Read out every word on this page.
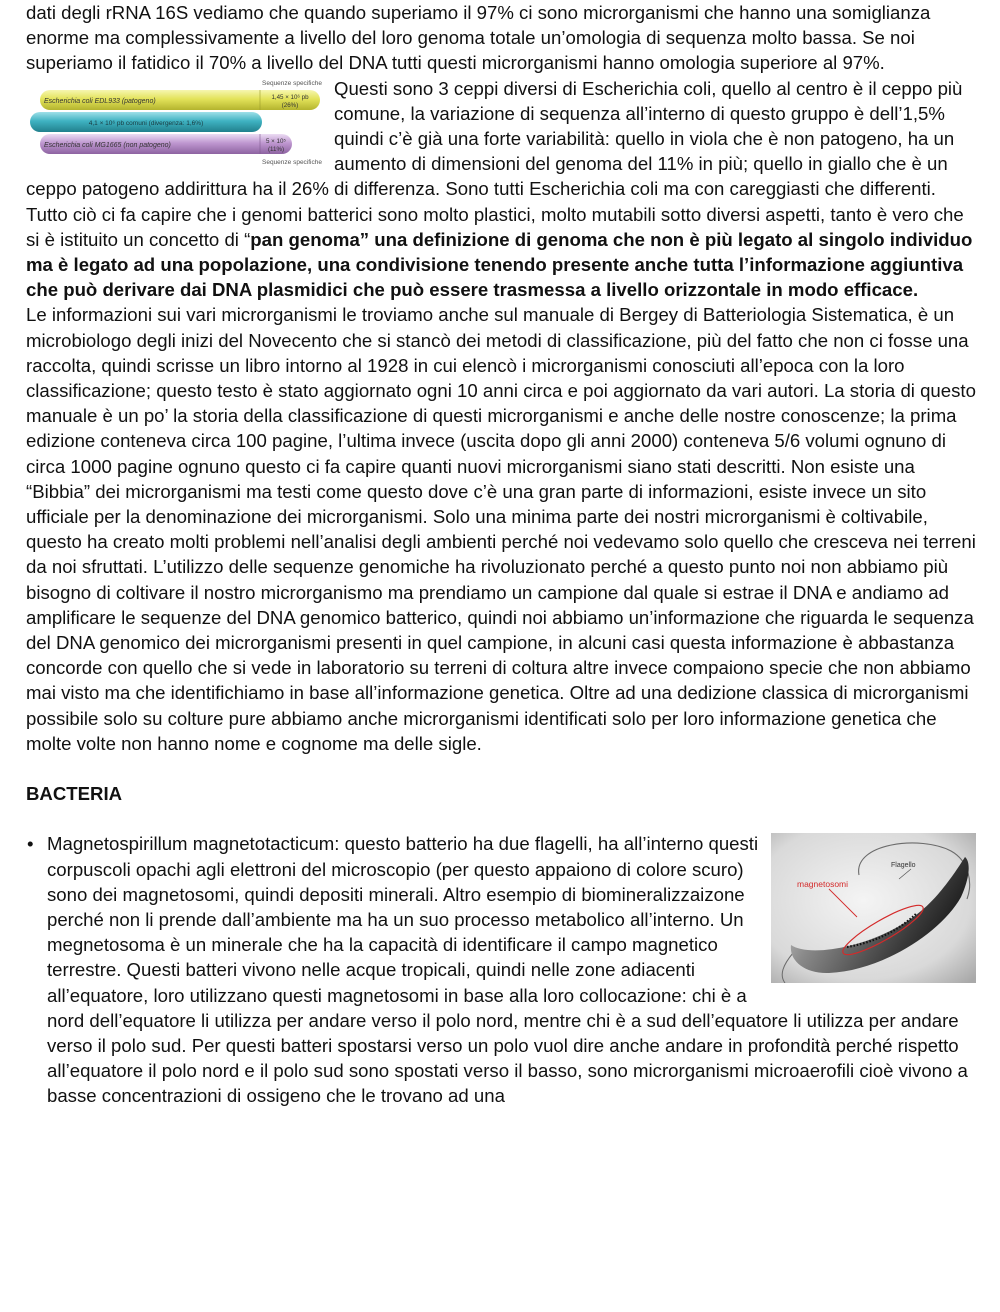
dati degli rRNA 16S vediamo che quando superiamo il 97% ci sono microrganismi che hanno una somiglianza enorme ma complessivamente a livello del loro genoma totale un’omologia di sequenza molto bassa. Se noi superiamo il fatidico il 70% a livello del DNA tutti questi microrganismi hanno omologia superiore al 97%.

Sequenze specifiche
Escherichia coli EDL933 (patogeno)
1,45 × 10⁶ pb
(26%)
4,1 × 10⁶ pb comuni (divergenza: 1,6%)
Escherichia coli MG1665 (non patogeno)
5 × 10⁵
(11%)
Sequenze specifiche

Questi sono 3 ceppi diversi di Escherichia coli, quello al centro è il ceppo più comune, la variazione di sequenza all’interno di questo gruppo è dell’1,5% quindi c’è già una forte variabilità: quello in viola che è non patogeno, ha un aumento di dimensioni del genoma del 11% in più; quello in giallo che è un ceppo patogeno addirittura ha il 26% di differenza. Sono tutti Escherichia coli ma con careggiasti che differenti. Tutto ciò ci fa capire che i genomi batterici sono molto plastici, molto mutabili sotto diversi aspetti, tanto è vero che si è istituito un concetto di “pan genoma” una definizione di genoma che non è più legato al singolo individuo ma è legato ad una popolazione, una condivisione tenendo presente anche tutta l’informazione aggiuntiva che può derivare dai DNA plasmidici che può essere trasmessa a livello orizzontale in modo efficace.

Le informazioni sui vari microrganismi le troviamo anche sul manuale di Bergey di Batteriologia Sistematica, è un microbiologo degli inizi del Novecento che si stancò dei metodi di classificazione, più del fatto che non ci fosse una raccolta, quindi scrisse un libro intorno al 1928 in cui elencò i microrganismi conosciuti all’epoca con la loro classificazione; questo testo è stato aggiornato ogni 10 anni circa e poi aggiornato da vari autori. La storia di questo manuale è un po’ la storia della classificazione di questi microrganismi e anche delle nostre conoscenze; la prima edizione conteneva circa 100 pagine, l’ultima invece (uscita dopo gli anni 2000) conteneva 5/6 volumi ognuno di circa 1000 pagine ognuno questo ci fa capire quanti nuovi microrganismi siano stati descritti. Non esiste una “Bibbia” dei microrganismi ma testi come questo dove c’è una gran parte di informazioni, esiste invece un sito ufficiale per la denominazione dei microrganismi. Solo una minima parte dei nostri microrganismi è coltivabile, questo ha creato molti problemi nell’analisi degli ambienti perché noi vedevamo solo quello che cresceva nei terreni da noi sfruttati. L’utilizzo delle sequenze genomiche ha rivoluzionato perché a questo punto noi non abbiamo più bisogno di coltivare il nostro microrganismo ma prendiamo un campione dal quale si estrae il DNA e andiamo ad amplificare le sequenze del DNA genomico batterico, quindi noi abbiamo un’informazione che riguarda le sequenza del DNA genomico dei microrganismi presenti in quel campione, in alcuni casi questa informazione è abbastanza concorde con quello che si vede in laboratorio su terreni di coltura altre invece compaiono specie che non abbiamo mai visto ma che identifichiamo in base all’informazione genetica. Oltre ad una dedizione classica di microrganismi possibile solo su colture pure abbiamo anche microrganismi identificati solo per loro informazione genetica che molte volte non hanno nome e cognome ma delle sigle.

BACTERIA

• magnetosomi
Flagello
Magnetospirillum magnetotacticum: questo batterio ha due flagelli, ha all’interno questi corpuscoli opachi agli elettroni del microscopio (per questo appaiono di colore scuro) sono dei magnetosomi, quindi depositi minerali. Altro esempio di biomineralizzaizone perché non li prende dall’ambiente ma ha un suo processo metabolico all’interno. Un megnetosoma è un minerale che ha la capacità di identificare il campo magnetico terrestre. Questi batteri vivono nelle acque tropicali, quindi nelle zone adiacenti all’equatore, loro utilizzano questi magnetosomi in base alla loro collocazione: chi è a nord dell’equatore li utilizza per andare verso il polo nord, mentre chi è a sud dell’equatore li utilizza per andare verso il polo sud. Per questi batteri spostarsi verso un polo vuol dire anche andare in profondità perché rispetto all’equatore il polo nord e il polo sud sono spostati verso il basso, sono microrganismi microaerofili cioè vivono a basse concentrazioni di ossigeno che le trovano ad una
